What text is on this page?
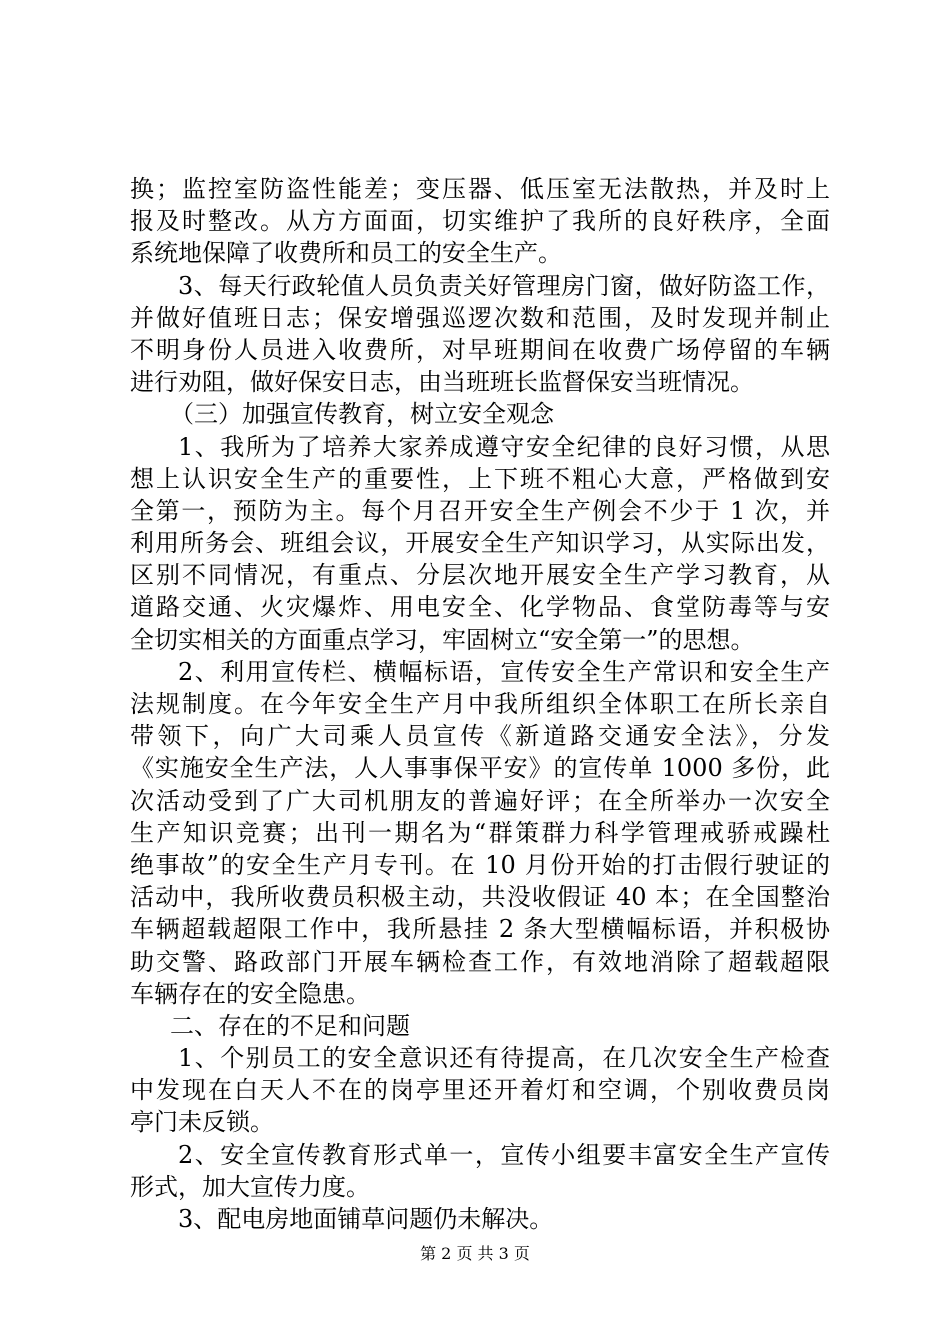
换；监控室防盗性能差；变压器、低压室无法散热，并及时上
报及时整改。从方方面面，切实维护了我所的良好秩序，全面
系统地保障了收费所和员工的安全生产。
3、每天行政轮值人员负责关好管理房门窗，做好防盗工作，
并做好值班日志；保安增强巡逻次数和范围，及时发现并制止
不明身份人员进入收费所，对早班期间在收费广场停留的车辆
进行劝阻，做好保安日志，由当班班长监督保安当班情况。
（三）加强宣传教育，树立安全观念
1、我所为了培养大家养成遵守安全纪律的良好习惯，从思
想上认识安全生产的重要性，上下班不粗心大意，严格做到安
全第一，预防为主。每个月召开安全生产例会不少于 1 次，并
利用所务会、班组会议，开展安全生产知识学习，从实际出发，
区别不同情况，有重点、分层次地开展安全生产学习教育，从
道路交通、火灾爆炸、用电安全、化学物品、食堂防毒等与安
全切实相关的方面重点学习，牢固树立“安全第一”的思想。
2、利用宣传栏、横幅标语，宣传安全生产常识和安全生产
法规制度。在今年安全生产月中我所组织全体职工在所长亲自
带领下，向广大司乘人员宣传《新道路交通安全法》，分发
《实施安全生产法，人人事事保平安》的宣传单 1000 多份，此
次活动受到了广大司机朋友的普遍好评；在全所举办一次安全
生产知识竞赛；出刊一期名为“群策群力科学管理戒骄戒躁杜
绝事故”的安全生产月专刊。在 10 月份开始的打击假行驶证的
活动中，我所收费员积极主动，共没收假证 40 本；在全国整治
车辆超载超限工作中，我所悬挂 2 条大型横幅标语，并积极协
助交警、路政部门开展车辆检查工作，有效地消除了超载超限
车辆存在的安全隐患。
二、存在的不足和问题
1、个别员工的安全意识还有待提高，在几次安全生产检查
中发现在白天人不在的岗亭里还开着灯和空调，个别收费员岗
亭门未反锁。
2、安全宣传教育形式单一，宣传小组要丰富安全生产宣传
形式，加大宣传力度。
3、配电房地面铺草问题仍未解决。
第 2 页 共 3 页
